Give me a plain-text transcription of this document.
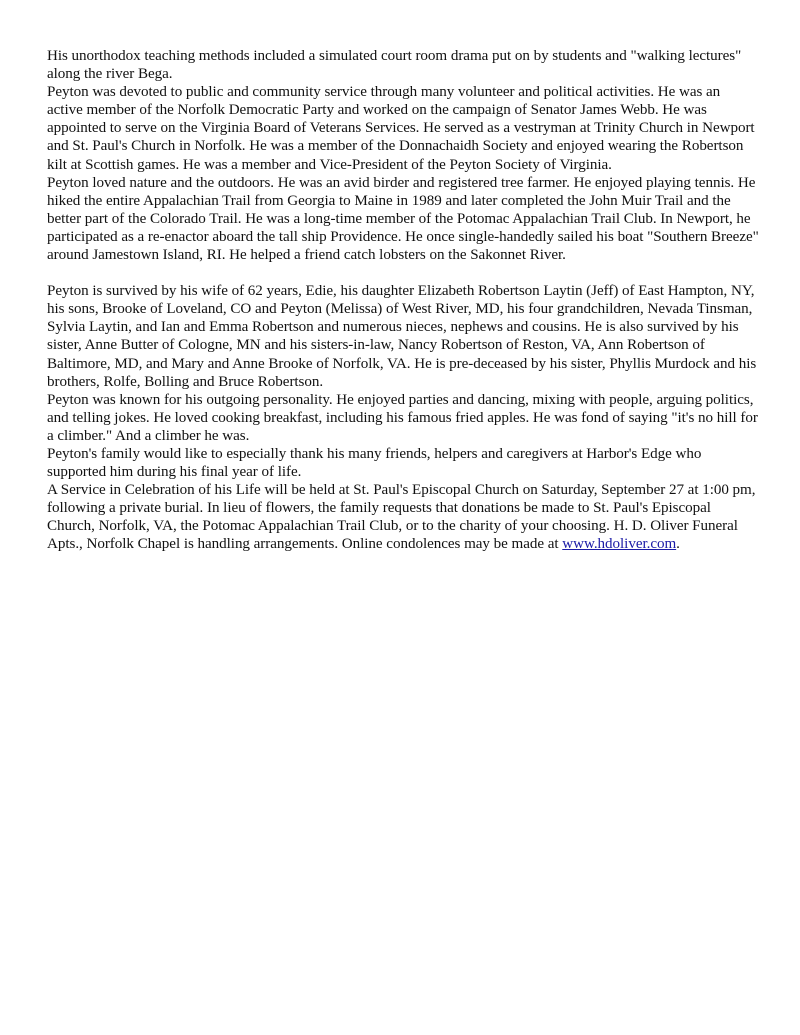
His unorthodox teaching methods included a simulated court room drama put on by students and "walking lectures" along the river Bega.

Peyton was devoted to public and community service through many volunteer and political activities. He was an active member of the Norfolk Democratic Party and worked on the campaign of Senator James Webb. He was appointed to serve on the Virginia Board of Veterans Services. He served as a vestryman at Trinity Church in Newport and St. Paul's Church in Norfolk. He was a member of the Donnachaidh Society and enjoyed wearing the Robertson kilt at Scottish games. He was a member and Vice-President of the Peyton Society of Virginia.

Peyton loved nature and the outdoors. He was an avid birder and registered tree farmer. He enjoyed playing tennis. He hiked the entire Appalachian Trail from Georgia to Maine in 1989 and later completed the John Muir Trail and the better part of the Colorado Trail. He was a long-time member of the Potomac Appalachian Trail Club. In Newport, he participated as a re-enactor aboard the tall ship Providence. He once single-handedly sailed his boat "Southern Breeze" around Jamestown Island, RI. He helped a friend catch lobsters on the Sakonnet River.

Peyton is survived by his wife of 62 years, Edie, his daughter Elizabeth Robertson Laytin (Jeff) of East Hampton, NY, his sons, Brooke of Loveland, CO and Peyton (Melissa) of West River, MD, his four grandchildren, Nevada Tinsman, Sylvia Laytin, and Ian and Emma Robertson and numerous nieces, nephews and cousins. He is also survived by his sister, Anne Butter of Cologne, MN and his sisters-in-law, Nancy Robertson of Reston, VA, Ann Robertson of Baltimore, MD, and Mary and Anne Brooke of Norfolk, VA. He is pre-deceased by his sister, Phyllis Murdock and his brothers, Rolfe, Bolling and Bruce Robertson.

Peyton was known for his outgoing personality. He enjoyed parties and dancing, mixing with people, arguing politics, and telling jokes. He loved cooking breakfast, including his famous fried apples. He was fond of saying "it's no hill for a climber." And a climber he was.

Peyton's family would like to especially thank his many friends, helpers and caregivers at Harbor's Edge who supported him during his final year of life.

A Service in Celebration of his Life will be held at St. Paul's Episcopal Church on Saturday, September 27 at 1:00 pm, following a private burial. In lieu of flowers, the family requests that donations be made to St. Paul's Episcopal Church, Norfolk, VA, the Potomac Appalachian Trail Club, or to the charity of your choosing. H. D. Oliver Funeral Apts., Norfolk Chapel is handling arrangements. Online condolences may be made at www.hdoliver.com.
